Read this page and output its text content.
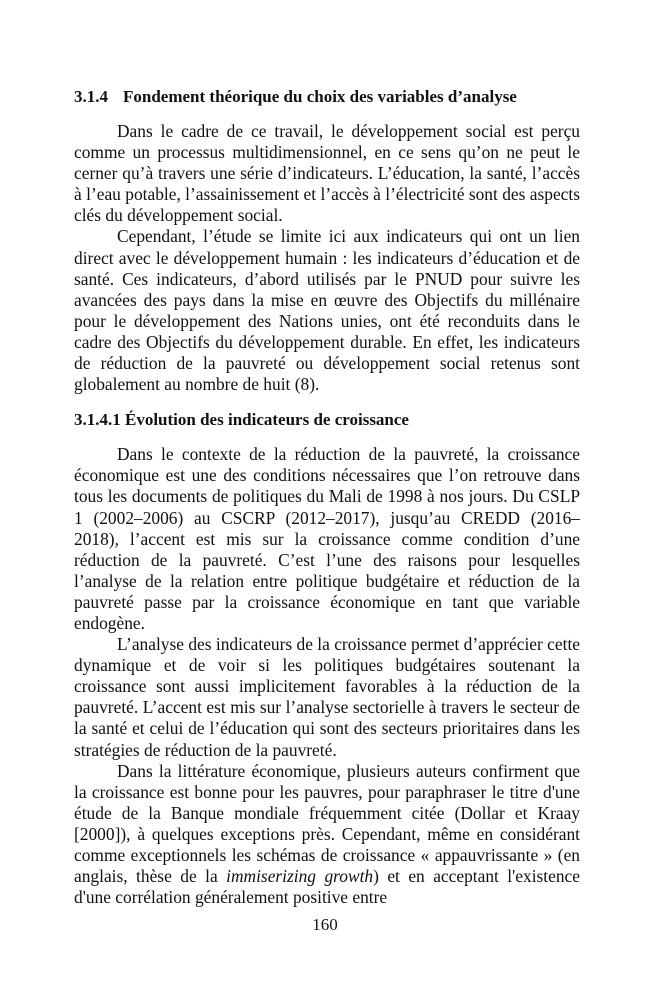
3.1.4 Fondement théorique du choix des variables d’analyse

Dans le cadre de ce travail, le développement social est perçu comme un processus multidimensionnel, en ce sens qu’on ne peut le cerner qu’à travers une série d’indicateurs. L’éducation, la santé, l’accès à l’eau potable, l’assainissement et l’accès à l’électricité sont des aspects clés du développement social.

Cependant, l’étude se limite ici aux indicateurs qui ont un lien direct avec le développement humain : les indicateurs d’éducation et de santé. Ces indicateurs, d’abord utilisés par le PNUD pour suivre les avancées des pays dans la mise en œuvre des Objectifs du millénaire pour le développement des Nations unies, ont été reconduits dans le cadre des Objectifs du développement durable. En effet, les indicateurs de réduction de la pauvreté ou développement social retenus sont globalement au nombre de huit (8).

3.1.4.1 Évolution des indicateurs de croissance

Dans le contexte de la réduction de la pauvreté, la croissance économique est une des conditions nécessaires que l’on retrouve dans tous les documents de politiques du Mali de 1998 à nos jours. Du CSLP 1 (2002–2006) au CSCRP (2012–2017), jusqu’au CREDD (2016–2018), l’accent est mis sur la croissance comme condition d’une réduction de la pauvreté. C’est l’une des raisons pour lesquelles l’analyse de la relation entre politique budgétaire et réduction de la pauvreté passe par la croissance économique en tant que variable endogène.

L’analyse des indicateurs de la croissance permet d’apprécier cette dynamique et de voir si les politiques budgétaires soutenant la croissance sont aussi implicitement favorables à la réduction de la pauvreté. L’accent est mis sur l’analyse sectorielle à travers le secteur de la santé et celui de l’éducation qui sont des secteurs prioritaires dans les stratégies de réduction de la pauvreté.

Dans la littérature économique, plusieurs auteurs confirment que la croissance est bonne pour les pauvres, pour paraphraser le titre d'une étude de la Banque mondiale fréquemment citée (Dollar et Kraay [2000]), à quelques exceptions près. Cependant, même en considérant comme exceptionnels les schémas de croissance « appauvrissante » (en anglais, thèse de la immiserizing growth) et en acceptant l'existence d'une corrélation généralement positive entre

160
